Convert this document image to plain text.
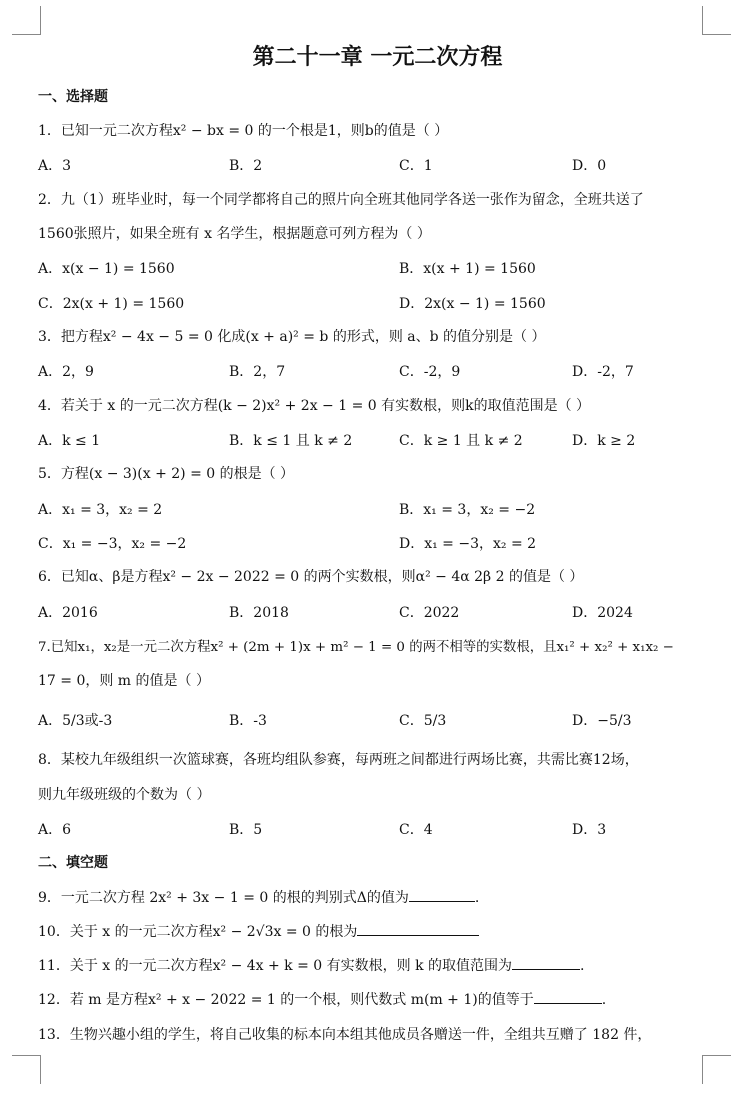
第二十一章 一元二次方程
一、选择题
1．已知一元二次方程x² − bx = 0 的一个根是1，则b的值是（ ）
A．3	B．2	C．1	D．0
2．九（1）班毕业时，每一个同学都将自己的照片向全班其他同学各送一张作为留念，全班共送了
1560张照片，如果全班有 x 名学生，根据题意可列方程为（ ）
A．x(x − 1) = 1560	B．x(x + 1) = 1560
C．2x(x + 1) = 1560	D．2x(x − 1) = 1560
3．把方程x² − 4x − 5 = 0 化成(x + a)² = b 的形式，则 a、b 的值分别是（ ）
A．2，9	B．2，7	C．-2，9	D．-2，7
4．若关于 x 的一元二次方程(k − 2)x² + 2x − 1 = 0 有实数根，则k的取值范围是（ ）
A．k ≤ 1	B．k ≤ 1 且 k ≠ 2	C．k ≥ 1 且 k ≠ 2	D．k ≥ 2
5．方程(x − 3)(x + 2) = 0 的根是（ ）
A．x₁ = 3，x₂ = 2	B．x₁ = 3，x₂ = −2
C．x₁ = −3，x₂ = −2	D．x₁ = −3，x₂ = 2
6．已知α、β是方程x² − 2x − 2022 = 0 的两个实数根，则α² − 4α 2β 2 的值是（ ）
A．2016	B．2018	C．2022	D．2024
7.已知x₁，x₂是一元二次方程x² + (2m + 1)x + m² − 1 = 0 的两不相等的实数根，且x₁² + x₂² + x₁x₂ −
17 = 0，则 m 的值是（ ）
A．5/3或-3	B．-3	C．5/3	D．−5/3
8．某校九年级组织一次篮球赛，各班均组队参赛，每两班之间都进行两场比赛，共需比赛12场，
则九年级班级的个数为（ ）
A．6	B．5	C．4	D．3
二、填空题
9．一元二次方程 2x² + 3x − 1 = 0 的根的判别式Δ的值为	.
10．关于 x 的一元二次方程x² − 2√3x = 0 的根为
11．关于 x 的一元二次方程x² − 4x + k = 0 有实数根，则 k 的取值范围为	.
12．若 m 是方程x² + x − 2022 = 1 的一个根，则代数式 m(m + 1)的值等于	.
13．生物兴趣小组的学生，将自己收集的标本向本组其他成员各赠送一件，全组共互赠了 182 件，
